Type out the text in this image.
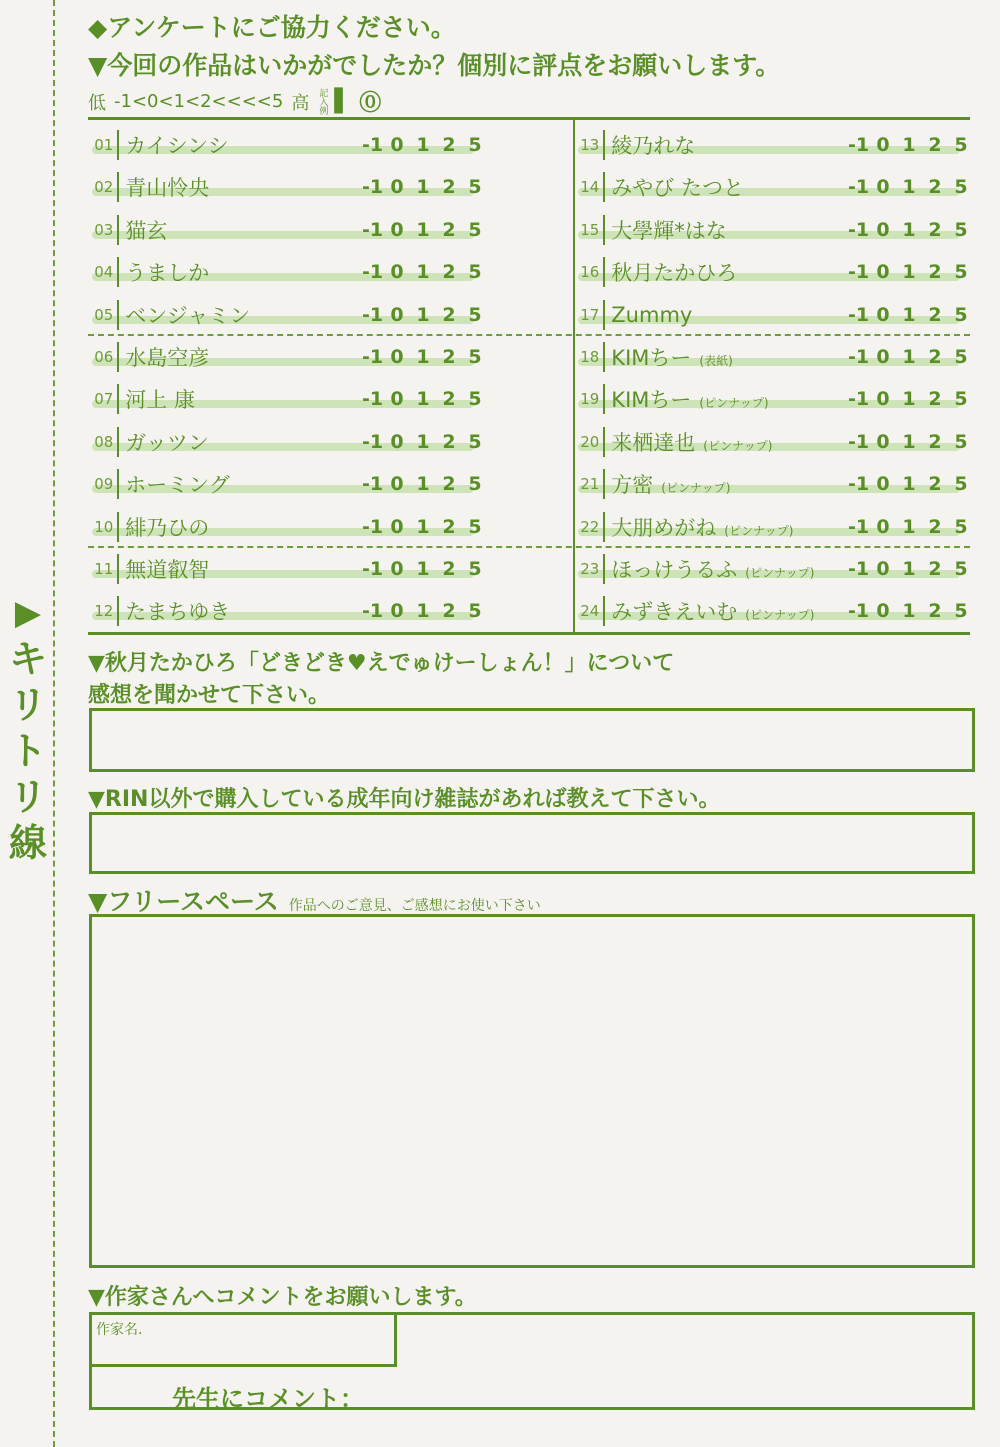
▶
キ
リ
ト
リ
線
◆アンケートにご協力ください。
▼今回の作品はいかがでしたか？個別に評点をお願いします。
低 -1<0<1<2<<<<5 高 記入例 ▌ ⓪
01 カイシンシ	-1 0 1 2 5
02 青山怜央	-1 0 1 2 5
03 猫玄	-1 0 1 2 5
04 うましか	-1 0 1 2 5
05 ベンジャミン	-1 0 1 2 5
06 水島空彦	-1 0 1 2 5
07 河上 康	-1 0 1 2 5
08 ガッツン	-1 0 1 2 5
09 ホーミング	-1 0 1 2 5
10 緋乃ひの	-1 0 1 2 5
11 無道叡智	-1 0 1 2 5
12 たまちゆき	-1 0 1 2 5
13 綾乃れな	-1 0 1 2 5
14 みやび たつと	-1 0 1 2 5
15 大學輝*はな	-1 0 1 2 5
16 秋月たかひろ	-1 0 1 2 5
17 Zummy	-1 0 1 2 5
18 KIMちー (表紙)	-1 0 1 2 5
19 KIMちー (ピンナップ)	-1 0 1 2 5
20 来栖達也 (ピンナップ)	-1 0 1 2 5
21 方密 (ピンナップ)	-1 0 1 2 5
22 大朋めがね (ピンナップ)	-1 0 1 2 5
23 ほっけうるふ (ピンナップ)	-1 0 1 2 5
24 みずきえいむ (ピンナップ)	-1 0 1 2 5
▼秋月たかひろ「どきどき♥えでゅけーしょん！」について
感想を聞かせて下さい。
▼RIN以外で購入している成年向け雑誌があれば教えて下さい。
▼フリースペース 作品へのご意見、ご感想にお使い下さい
▼作家さんへコメントをお願いします。
作家名.
先生にコメント：
